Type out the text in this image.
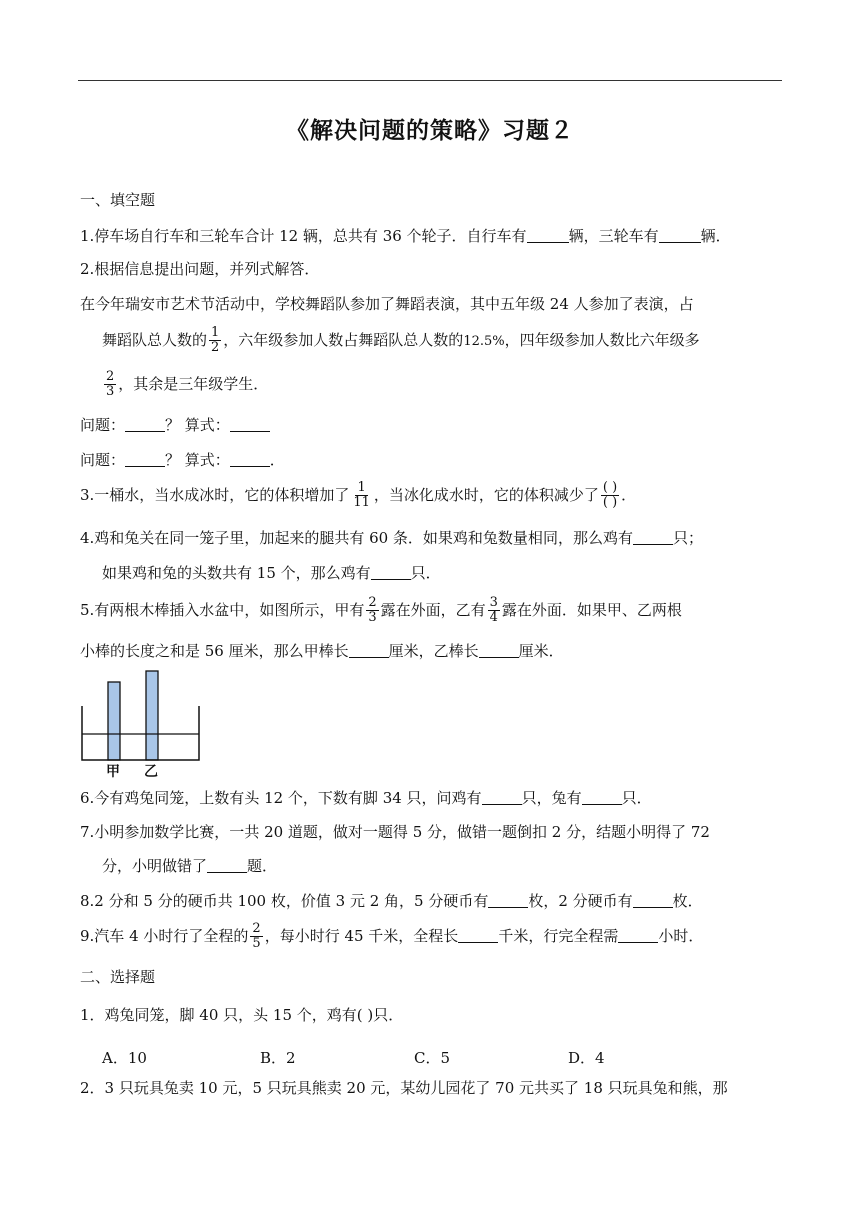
《解决问题的策略》习题２
一、填空题
1.停车场自行车和三轮车合计 12 辆，总共有 36 个轮子．自行车有	辆，三轮车有	辆．
2.根据信息提出问题，并列式解答．
在今年瑞安市艺术节活动中，学校舞蹈队参加了舞蹈表演，其中五年级 24 人参加了表演，占
舞蹈队总人数的 $\frac{1}{2}$ ，六年级参加人数占舞蹈队总人数的12.5%，四年级参加人数比六年级多
$\frac{2}{3}$ ，其余是三年级学生．
问题：	？ 算式：
问题：	？ 算式：	．
3.一桶水，当水成冰时，它的体积增加了 $\frac{1}{11}$ ，当冰化成水时，它的体积减少了 $\frac{( )}{( )}$ ．
4.鸡和兔关在同一笼子里，加起来的腿共有 60 条．如果鸡和兔数量相同，那么鸡有	只；
如果鸡和兔的头数共有 15 个，那么鸡有	只．
5.有两根木棒插入水盆中，如图所示，甲有 $\frac{2}{3}$ 露在外面，乙有 $\frac{3}{4}$ 露在外面．如果甲、乙两根
小棒的长度之和是 56 厘米，那么甲棒长	厘米，乙棒长	厘米．
甲 乙
6.今有鸡兔同笼，上数有头 12 个，下数有脚 34 只，问鸡有	只，兔有	只．
7.小明参加数学比赛，一共 20 道题，做对一题得 5 分，做错一题倒扣 2 分，结题小明得了 72
分，小明做错了	题．
8.2 分和 5 分的硬币共 100 枚，价值 3 元 2 角，5 分硬币有	枚，2 分硬币有	枚．
9.汽车 4 小时行了全程的 $\frac{2}{5}$ ，每小时行 45 千米，全程长	千米，行完全程需	小时．
二、选择题
1．鸡兔同笼，脚 40 只，头 15 个，鸡有( )只．
A．10	B．2	C．5	D．4
2．3 只玩具兔卖 10 元，5 只玩具熊卖 20 元，某幼儿园花了 70 元共买了 18 只玩具兔和熊，那
